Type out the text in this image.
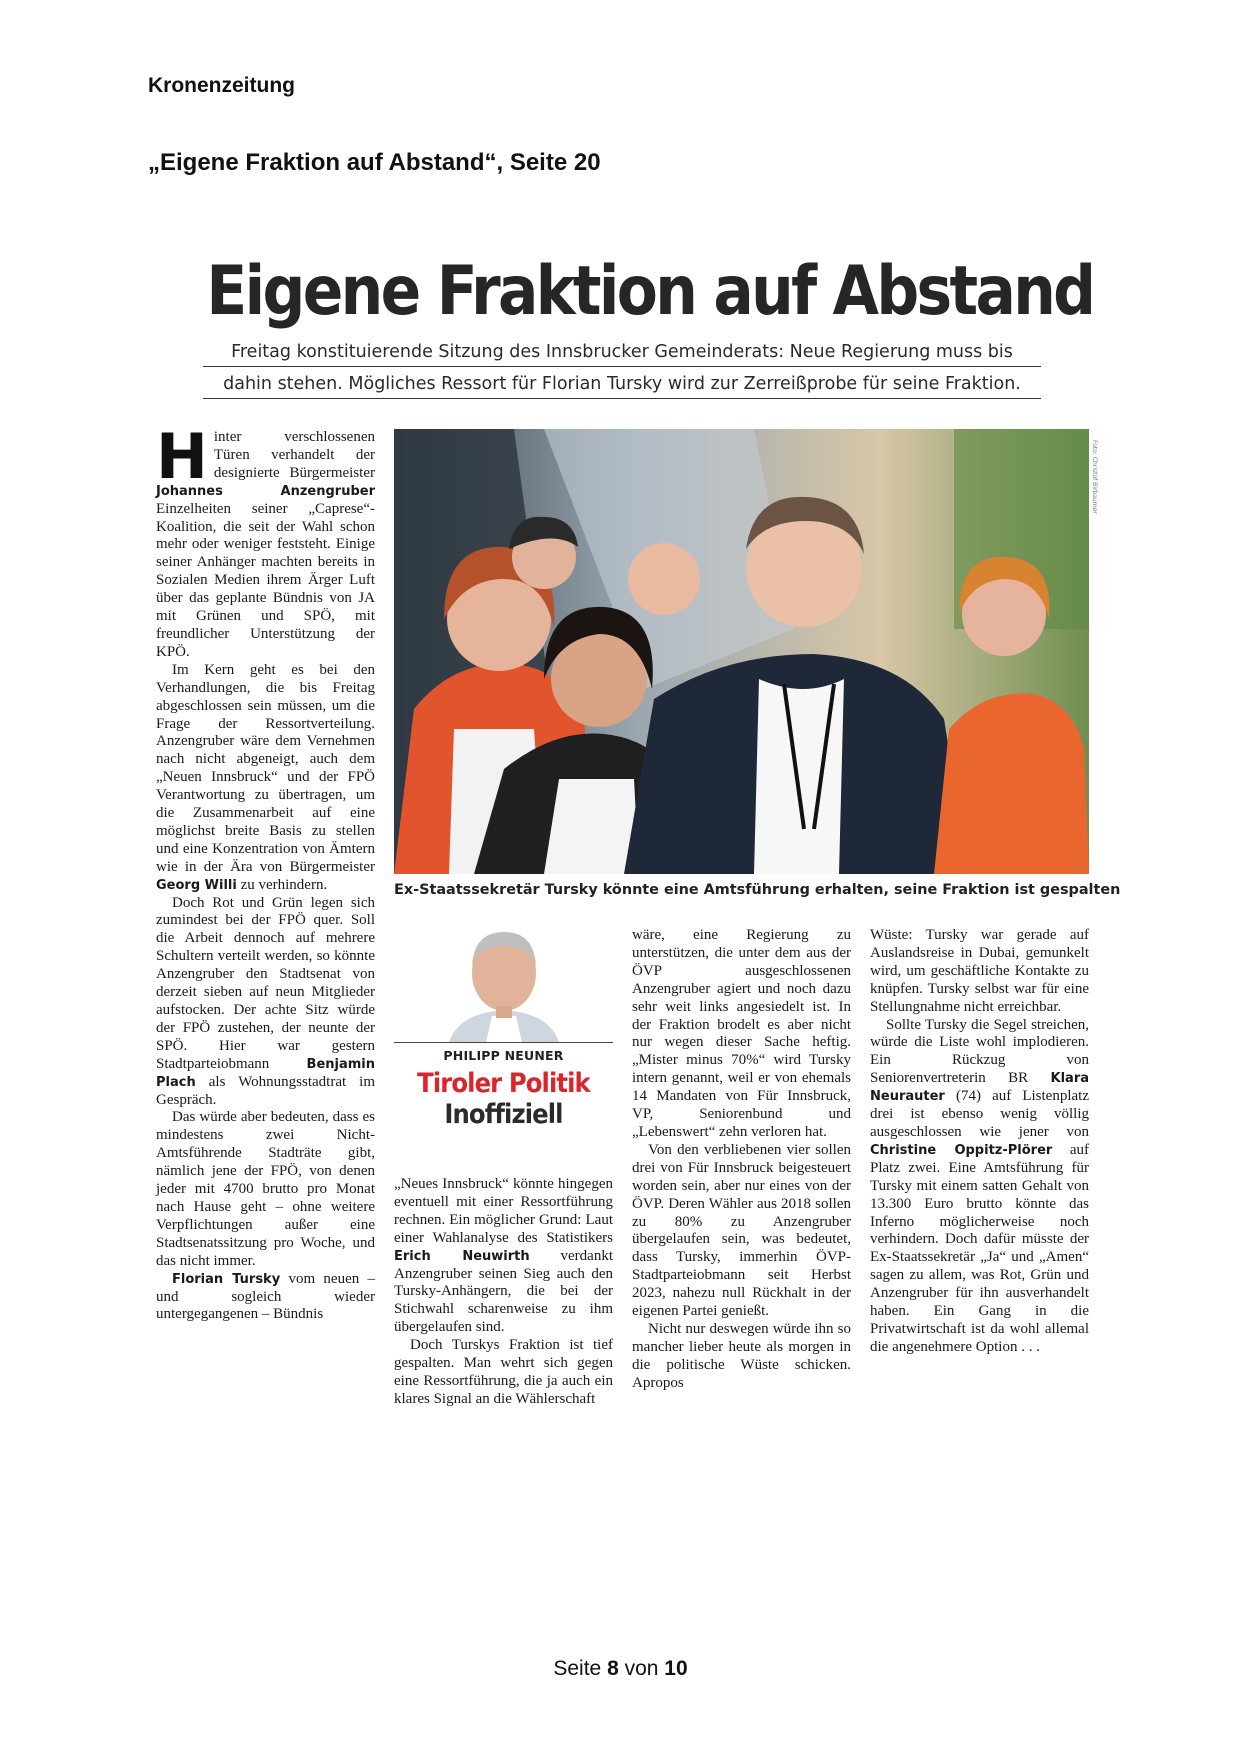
Kronenzeitung
„Eigene Fraktion auf Abstand“, Seite 20
Eigene Fraktion auf Abstand
Freitag konstituierende Sitzung des Innsbrucker Gemeinderats: Neue Regierung muss bis
dahin stehen. Mögliches Ressort für Florian Tursky wird zur Zerreißprobe für seine Fraktion.

Hinter verschlossenen Türen verhandelt der designierte Bürgermeister Johannes Anzengruber Einzelheiten seiner „Caprese“-Koalition, die seit der Wahl schon mehr oder weniger feststeht. Einige seiner Anhänger machten bereits in Sozialen Medien ihrem Ärger Luft über das geplante Bündnis von JA mit Grünen und SPÖ, mit freundlicher Unterstützung der KPÖ.

Im Kern geht es bei den Verhandlungen, die bis Freitag abgeschlossen sein müssen, um die Frage der Ressortverteilung. Anzengruber wäre dem Vernehmen nach nicht abgeneigt, auch dem „Neuen Innsbruck“ und der FPÖ Verantwortung zu übertragen, um die Zusammenarbeit auf eine möglichst breite Basis zu stellen und eine Konzentration von Ämtern wie in der Ära von Bürgermeister Georg Willi zu verhindern.

Doch Rot und Grün legen sich zumindest bei der FPÖ quer. Soll die Arbeit dennoch auf mehrere Schultern verteilt werden, so könnte Anzengruber den Stadtsenat von derzeit sieben auf neun Mitglieder aufstocken. Der achte Sitz würde der FPÖ zustehen, der neunte der SPÖ. Hier war gestern Stadtparteiobmann	Benjamin Plach als Wohnungsstadtrat im Gespräch.

Das würde aber bedeuten, dass es mindestens zwei Nicht-Amtsführende Stadträte gibt, nämlich jene der FPÖ, von denen jeder mit 4700 brutto pro Monat nach Hause geht – ohne weitere Verpflichtungen außer eine Stadtsenatssitzung pro Woche, und das nicht immer.

Florian Tursky vom neuen – und sogleich wieder untergegangenen – Bündnis

Foto: Christof Birbaumer
Ex-Staatssekretär Tursky könnte eine Amtsführung erhalten, seine Fraktion ist gespalten
PHILIPP NEUNER
Tiroler Politik
Inoffiziell

„Neues Innsbruck“ könnte hingegen eventuell mit einer Ressortführung rechnen. Ein möglicher Grund: Laut einer Wahlanalyse des Statistikers Erich Neuwirth verdankt Anzengruber seinen Sieg auch den Tursky-Anhängern, die bei der Stichwahl scharenweise zu ihm übergelaufen sind.

Doch Turskys Fraktion ist tief gespalten. Man wehrt sich gegen eine Ressortführung, die ja auch ein klares Signal an die Wählerschaft

wäre, eine Regierung zu unterstützen, die unter dem aus der ÖVP ausgeschlossenen Anzengruber agiert und noch dazu sehr weit links angesiedelt ist. In der Fraktion brodelt es aber nicht nur wegen dieser Sache heftig. „Mister minus 70%“ wird Tursky intern genannt, weil er von ehemals 14 Mandaten von Für Innsbruck, VP, Seniorenbund und „Lebenswert“ zehn verloren hat.

Von den verbliebenen vier sollen drei von Für Innsbruck beigesteuert worden sein, aber nur eines von der ÖVP. Deren Wähler aus 2018 sollen zu 80% zu Anzengruber übergelaufen sein, was bedeutet, dass Tursky, immerhin ÖVP-Stadtparteiobmann seit Herbst 2023, nahezu null Rückhalt in der eigenen Partei genießt.

Nicht nur deswegen würde ihn so mancher lieber heute als morgen in die politische Wüste schicken. Apropos

Wüste: Tursky war gerade auf Auslandsreise in Dubai, gemunkelt wird, um geschäftliche Kontakte zu knüpfen. Tursky selbst war für eine Stellungnahme nicht erreichbar.

Sollte Tursky die Segel streichen, würde die Liste wohl implodieren. Ein Rückzug von Seniorenvertreterin BR Klara Neurauter (74) auf Listenplatz drei ist ebenso wenig völlig ausgeschlossen wie jener von Christine Oppitz-Plörer auf Platz zwei. Eine Amtsführung für Tursky mit einem satten Gehalt von 13.300 Euro brutto könnte das Inferno möglicherweise noch verhindern. Doch dafür müsste der Ex-Staatssekretär „Ja“ und „Amen“ sagen zu allem, was Rot, Grün und Anzengruber für ihn ausverhandelt haben. Ein Gang in die Privatwirtschaft ist da wohl allemal die angenehmere Option . . .

Seite 8 von 10
